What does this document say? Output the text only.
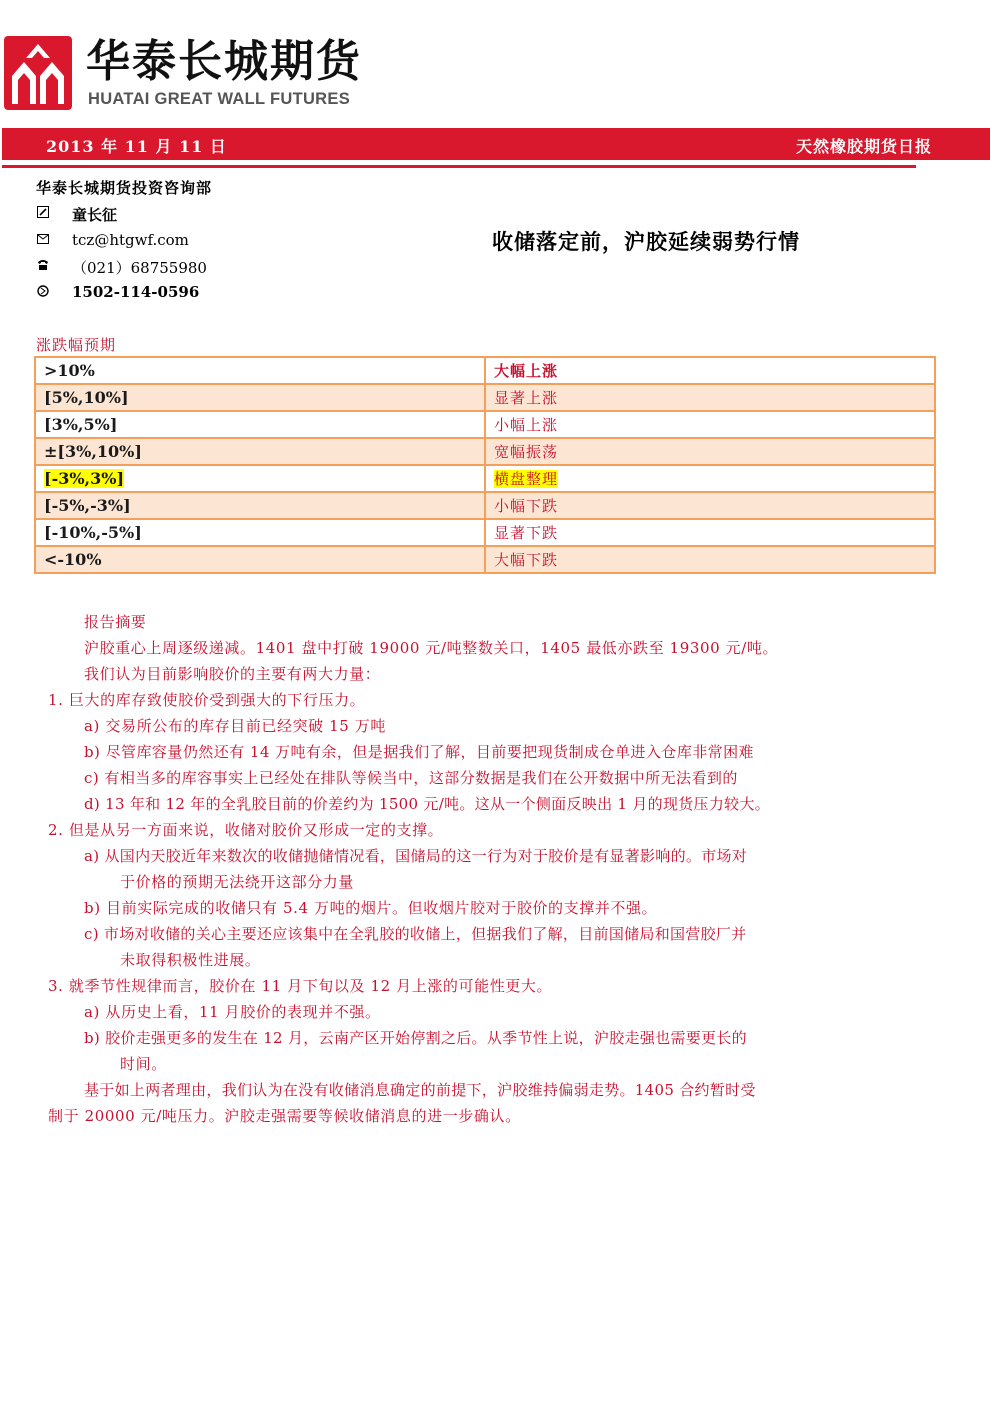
华泰长城期货
HUATAI GREAT WALL FUTURES
2013 年 11 月 11 日	天然橡胶期货日报
华泰长城期货投资咨询部
童长征
tcz@htgwf.com
（021）68755980
1502-114-0596
收储落定前，沪胶延续弱势行情
涨跌幅预期
>10%	大幅上涨
[5%,10%]	显著上涨
[3%,5%]	小幅上涨
±[3%,10%]	宽幅振荡
[-3%,3%]	横盘整理
[-5%,-3%]	小幅下跌
[-10%,-5%]	显著下跌
<-10%	大幅下跌
报告摘要
沪胶重心上周逐级递减。1401 盘中打破 19000 元/吨整数关口，1405 最低亦跌至 19300 元/吨。
我们认为目前影响胶价的主要有两大力量：
1. 巨大的库存致使胶价受到强大的下行压力。
a) 交易所公布的库存目前已经突破 15 万吨
b) 尽管库容量仍然还有 14 万吨有余，但是据我们了解，目前要把现货制成仓单进入仓库非常困难
c) 有相当多的库容事实上已经处在排队等候当中，这部分数据是我们在公开数据中所无法看到的
d) 13 年和 12 年的全乳胶目前的价差约为 1500 元/吨。这从一个侧面反映出 1 月的现货压力较大。
2. 但是从另一方面来说，收储对胶价又形成一定的支撑。
a) 从国内天胶近年来数次的收储抛储情况看，国储局的这一行为对于胶价是有显著影响的。市场对
于价格的预期无法绕开这部分力量
b) 目前实际完成的收储只有 5.4 万吨的烟片。但收烟片胶对于胶价的支撑并不强。
c) 市场对收储的关心主要还应该集中在全乳胶的收储上，但据我们了解，目前国储局和国营胶厂并
未取得积极性进展。
3. 就季节性规律而言，胶价在 11 月下旬以及 12 月上涨的可能性更大。
a) 从历史上看，11 月胶价的表现并不强。
b) 胶价走强更多的发生在 12 月，云南产区开始停割之后。从季节性上说，沪胶走强也需要更长的
时间。
基于如上两者理由，我们认为在没有收储消息确定的前提下，沪胶维持偏弱走势。1405 合约暂时受
制于 20000 元/吨压力。沪胶走强需要等候收储消息的进一步确认。
